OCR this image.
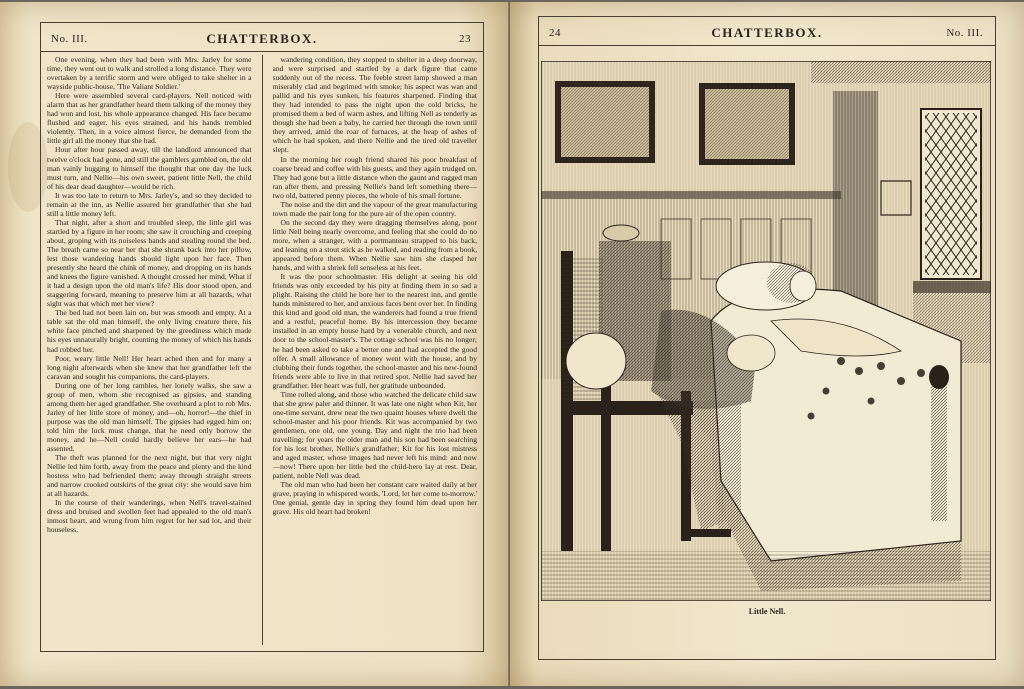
No. III.	CHATTERBOX.	23

One evening, when they had been with Mrs. Jarley for some time, they went out to walk and strolled a long distance. They were overtaken by a terrific storm and were obliged to take shelter in a wayside public-house, 'The Valiant Soldier.'

Here were assembled several card-players. Nell noticed with alarm that as her grandfather heard them talking of the money they had won and lost, his whole appearance changed. His face became flushed and eager, his eyes strained, and his hands trembled violently. Then, in a voice almost fierce, he demanded from the little girl all the money that she had.

Hour after hour passed away, till the landlord announced that twelve o'clock had gone, and still the gamblers gambled on, the old man vainly hugging to himself the thought that one day the luck must turn, and Nellie—his own sweet, patient little Nell, the child of his dear dead daughter—would be rich.

It was too late to return to Mrs. Jarley's, and so they decided to remain at the inn, as Nellie assured her grandfather that she had still a little money left.

That night, after a short and troubled sleep, the little girl was startled by a figure in her room; she saw it crouching and creeping about, groping with its noiseless hands and stealing round the bed. The breath came so near her that she shrank back into her pillow, lest those wandering hands should light upon her face. Then presently she heard the chink of money, and dropping on its hands and knees the figure vanished. A thought crossed her mind, What if it had a design upon the old man's life? His door stood open, and staggering forward, meaning to preserve him at all hazards, what sight was that which met her view?

The bed had not been lain on, but was smooth and empty. At a table sat the old man himself, the only living creature there, his white face pinched and sharpened by the greediness which made his eyes unnaturally bright, counting the money of which his hands had robbed her.

Poor, weary little Nell! Her heart ached then and for many a long night afterwards when she knew that her grandfather left the caravan and sought his companions, the card-players.

During one of her long rambles, her lonely walks, she saw a group of men, whom she recognised as gipsies, and standing among them her aged grandfather. She overheard a plot to rob Mrs. Jarley of her little store of money, and—oh, horror!—the thief in purpose was the old man himself. The gipsies had egged him on; told him the luck must change, that he need only borrow the money, and he—Nell could hardly believe her ears—he had assented.

The theft was planned for the next night, but that very night Nellie led him forth, away from the peace and plenty and the kind hostess who had befriended them; away through straight streets and narrow crooked outskirts of the great city: she would save him at all hazards.

In the course of their wanderings, when Nell's travel-stained dress and bruised and swollen feet had appealed to the old man's inmost heart, and wrung from him regret for her sad lot, and their houseless,

wandering condition, they stopped to shelter in a deep doorway, and were surprised and startled by a dark figure that came suddenly out of the recess. The feeble street lamp showed a man miserably clad and begrimed with smoke; his aspect was wan and pallid and his eyes sunken, his features sharpened. Finding that they had intended to pass the night upon the cold bricks, he promised them a bed of warm ashes, and lifting Nell as tenderly as though she had been a baby, he carried her through the town until they arrived, amid the roar of furnaces, at the heap of ashes of which he had spoken, and there Nellie and the tired old traveller slept.

In the morning her rough friend shared his poor breakfast of coarse bread and coffee with his guests, and they again trudged on. They had gone but a little distance when the gaunt and ragged man ran after them, and pressing Nellie's hand left something there—two old, battered penny pieces, the whole of his small fortune.

The noise and the dirt and the vapour of the great manufacturing town made the pair long for the pure air of the open country.

On the second day they were dragging themselves along, poor little Nell being nearly overcome, and feeling that she could do no more, when a stranger, with a portmanteau strapped to his back, and leaning on a stout stick as he walked, and reading from a book, appeared before them. When Nellie saw him she clasped her hands, and with a shriek fell senseless at his feet.

It was the poor schoolmaster. His delight at seeing his old friends was only exceeded by his pity at finding them in so sad a plight. Raising the child he bore her to the nearest inn, and gentle hands ministered to her, and anxious faces bent over her. In finding this kind and good old man, the wanderers had found a true friend and a restful, peaceful home. By his intercession they became installed in an empty house hard by a venerable church, and next door to the school-master's. The cottage school was his no longer; he had been asked to take a better one and had accepted the good offer. A small allowance of money went with the house, and by clubbing their funds together, the school-master and his new-found friends were able to live in that retired spot. Nellie had saved her grandfather. Her heart was full, her gratitude unbounded.

Time rolled along, and those who watched the delicate child saw that she grew paler and thinner. It was late one night when Kit, her one-time servant, drew near the two quaint houses where dwelt the school-master and his poor friends. Kit was accompanied by two gentlemen, one old, one young. Day and night the trio had been travelling; for years the older man and his son had been searching for his lost brother, Nellie's grandfather; Kit for his lost mistress and aged master, whose images had never left his mind: and now—now! There upon her little bed the child-hero lay at rest. Dear, patient, noble Nell was dead.

The old man who had been her constant care waited daily at her grave, praying in whispered words, 'Lord, let her come to-morrow.' One genial, gentle day in spring they found him dead upon her grave. His old heart had broken!

24	CHATTERBOX.	No. III.
Little Nell.
